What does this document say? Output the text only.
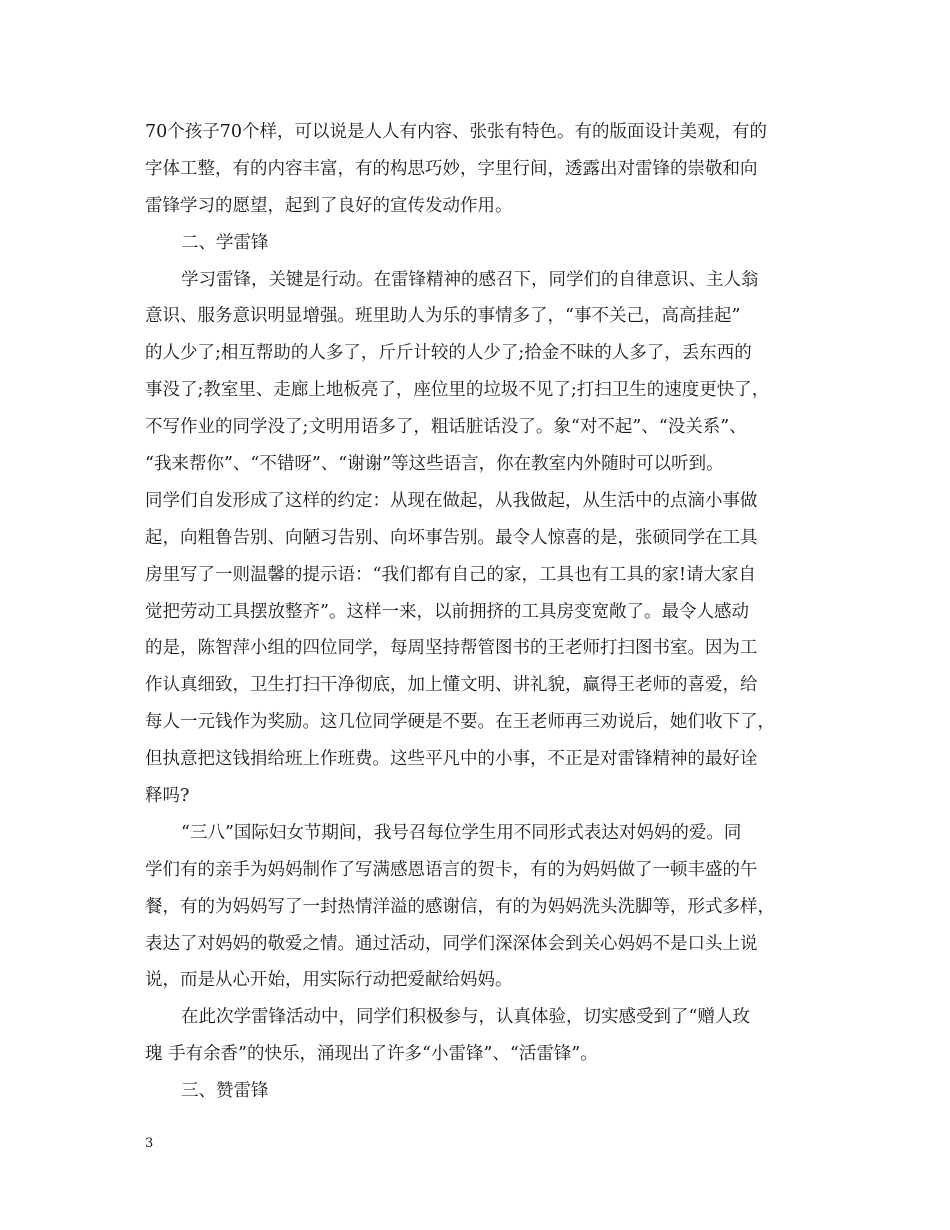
70个孩子70个样，可以说是人人有内容、张张有特色。有的版面设计美观，有的
字体工整，有的内容丰富，有的构思巧妙，字里行间，透露出对雷锋的崇敬和向
雷锋学习的愿望，起到了良好的宣传发动作用。
二、学雷锋
学习雷锋，关键是行动。在雷锋精神的感召下，同学们的自律意识、主人翁
意识、服务意识明显增强。班里助人为乐的事情多了，“事不关己，高高挂起”
的人少了;相互帮助的人多了，斤斤计较的人少了;拾金不昧的人多了，丢东西的
事没了;教室里、走廊上地板亮了，座位里的垃圾不见了;打扫卫生的速度更快了，
不写作业的同学没了;文明用语多了，粗话脏话没了。象“对不起”、“没关系”、
“我来帮你”、“不错呀”、“谢谢”等这些语言，你在教室内外随时可以听到。
同学们自发形成了这样的约定：从现在做起，从我做起，从生活中的点滴小事做
起，向粗鲁告别、向陋习告别、向坏事告别。最令人惊喜的是，张硕同学在工具
房里写了一则温馨的提示语：“我们都有自己的家，工具也有工具的家!请大家自
觉把劳动工具摆放整齐”。这样一来，以前拥挤的工具房变宽敞了。最令人感动
的是，陈智萍小组的四位同学，每周坚持帮管图书的王老师打扫图书室。因为工
作认真细致，卫生打扫干净彻底，加上懂文明、讲礼貌，赢得王老师的喜爱，给
每人一元钱作为奖励。这几位同学硬是不要。在王老师再三劝说后，她们收下了，
但执意把这钱捐给班上作班费。这些平凡中的小事，不正是对雷锋精神的最好诠
释吗?
“三八”国际妇女节期间，我号召每位学生用不同形式表达对妈妈的爱。同
学们有的亲手为妈妈制作了写满感恩语言的贺卡，有的为妈妈做了一顿丰盛的午
餐，有的为妈妈写了一封热情洋溢的感谢信，有的为妈妈洗头洗脚等，形式多样，
表达了对妈妈的敬爱之情。通过活动，同学们深深体会到关心妈妈不是口头上说
说，而是从心开始，用实际行动把爱献给妈妈。
在此次学雷锋活动中，同学们积极参与，认真体验，切实感受到了“赠人玫
瑰 手有余香”的快乐，涌现出了许多“小雷锋”、“活雷锋”。
三、赞雷锋
3
